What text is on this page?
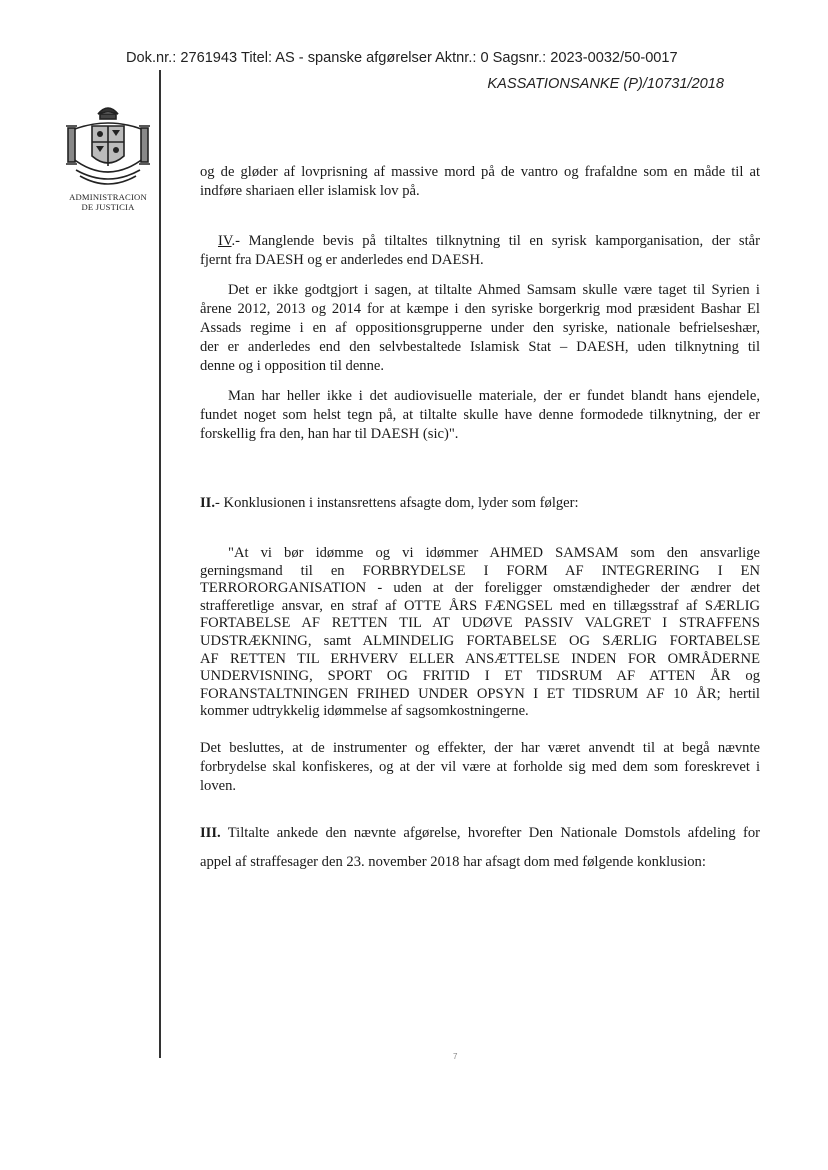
Dok.nr.: 2761943 Titel: AS - spanske afgørelser Aktnr.: 0 Sagsnr.: 2023-0032/50-0017
KASSATIONSANKE (P)/10731/2018
ADMINISTRACION
DE JUSTICIA
og de gløder af lovprisning af massive mord på de vantro og frafaldne som en måde til at
indføre shariaen eller islamisk lov på.
IV.- Manglende bevis på tiltaltes tilknytning til en syrisk kamporganisation, der står
fjernt fra DAESH og er anderledes end DAESH.
Det er ikke godtgjort i sagen, at tiltalte Ahmed Samsam skulle være taget til Syrien i
årene 2012, 2013 og 2014 for at kæmpe i den syriske borgerkrig mod præsident Bashar El
Assads regime i en af oppositionsgrupperne under den syriske, nationale befrielseshær,
der er anderledes end den selvbestaltede Islamisk Stat – DAESH, uden tilknytning til
denne og i opposition til denne.
Man har heller ikke i det audiovisuelle materiale, der er fundet blandt hans ejendele,
fundet noget som helst tegn på, at tiltalte skulle have denne formodede tilknytning, der er
forskellig fra den, han har til DAESH (sic)".
II.- Konklusionen i instansrettens afsagte dom, lyder som følger:
"At vi bør idømme og vi idømmer AHMED SAMSAM som den ansvarlige
gerningsmand til en FORBRYDELSE I FORM AF INTEGRERING I EN
TERRORORGANISATION - uden at der foreligger omstændigheder der ændrer det
strafferetlige ansvar, en straf af OTTE ÅRS FÆNGSEL med en tillægsstraf af SÆRLIG
FORTABELSE AF RETTEN TIL AT UDØVE PASSIV VALGRET I STRAFFENS
UDSTRÆKNING, samt ALMINDELIG FORTABELSE OG SÆRLIG FORTABELSE
AF RETTEN TIL ERHVERV ELLER ANSÆTTELSE INDEN FOR OMRÅDERNE
UNDERVISNING, SPORT OG FRITID I ET TIDSRUM AF ATTEN ÅR og
FORANSTALTNINGEN FRIHED UNDER OPSYN I ET TIDSRUM AF 10 ÅR; hertil
kommer udtrykkelig idømmelse af sagsomkostningerne.
Det besluttes, at de instrumenter og effekter, der har været anvendt til at begå nævnte
forbrydelse skal konfiskeres, og at der vil være at forholde sig med dem som foreskrevet i
loven.
III. Tiltalte ankede den nævnte afgørelse, hvorefter Den Nationale Domstols afdeling for
appel af straffesager den 23. november 2018 har afsagt dom med følgende konklusion:
7
